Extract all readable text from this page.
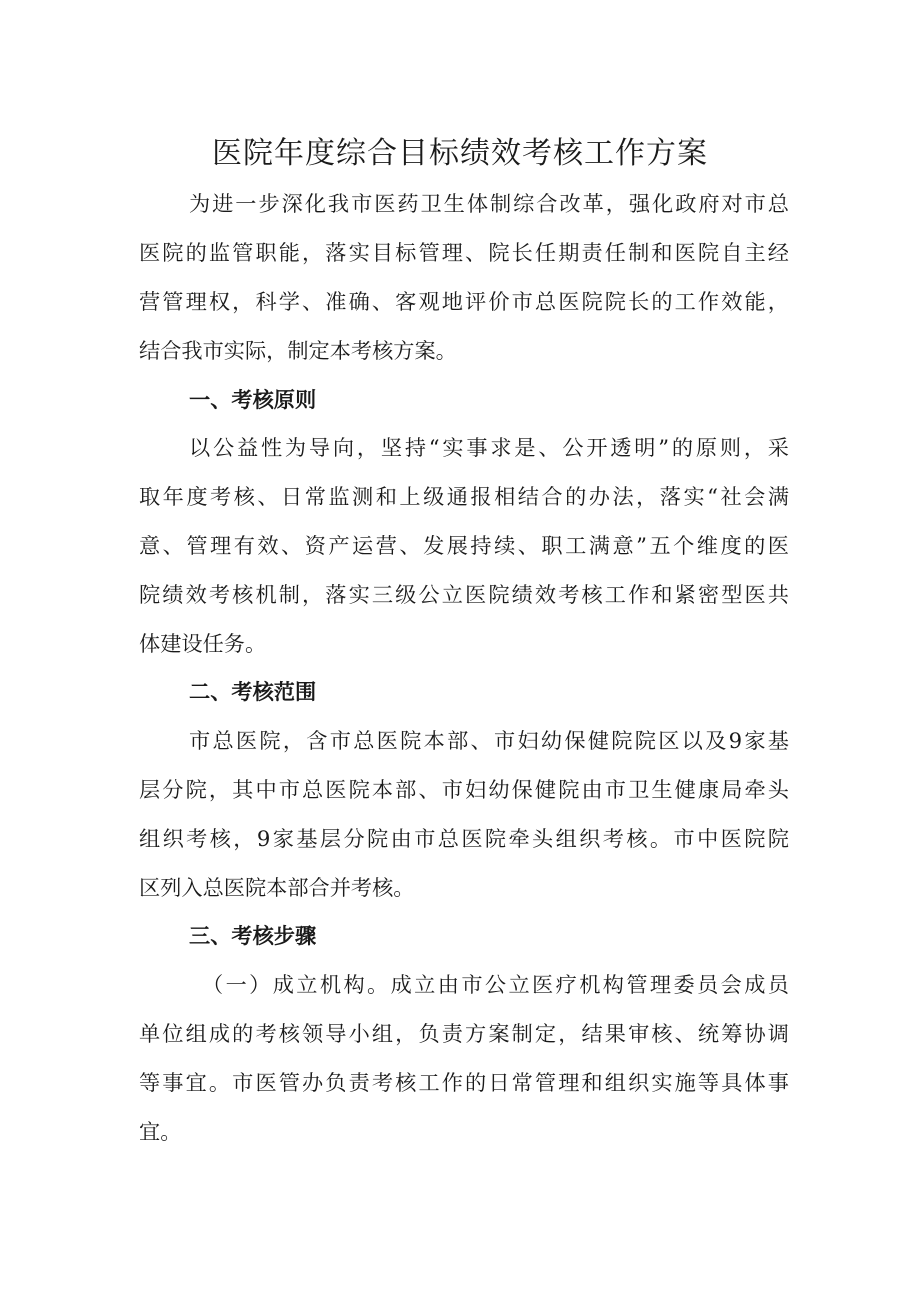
医院年度综合目标绩效考核工作方案
为进一步深化我市医药卫生体制综合改革，强化政府对市总
医院的监管职能，落实目标管理、院长任期责任制和医院自主经
营管理权，科学、准确、客观地评价市总医院院长的工作效能，
结合我市实际，制定本考核方案。
一、考核原则
以公益性为导向，坚持“实事求是、公开透明”的原则，采
取年度考核、日常监测和上级通报相结合的办法，落实“社会满
意、管理有效、资产运营、发展持续、职工满意”五个维度的医
院绩效考核机制，落实三级公立医院绩效考核工作和紧密型医共
体建设任务。
二、考核范围
市总医院，含市总医院本部、市妇幼保健院院区以及9家基
层分院，其中市总医院本部、市妇幼保健院由市卫生健康局牵头
组织考核，9家基层分院由市总医院牵头组织考核。市中医院院
区列入总医院本部合并考核。
三、考核步骤
（一）成立机构。成立由市公立医疗机构管理委员会成员
单位组成的考核领导小组，负责方案制定，结果审核、统筹协调
等事宜。市医管办负责考核工作的日常管理和组织实施等具体事
宜。
